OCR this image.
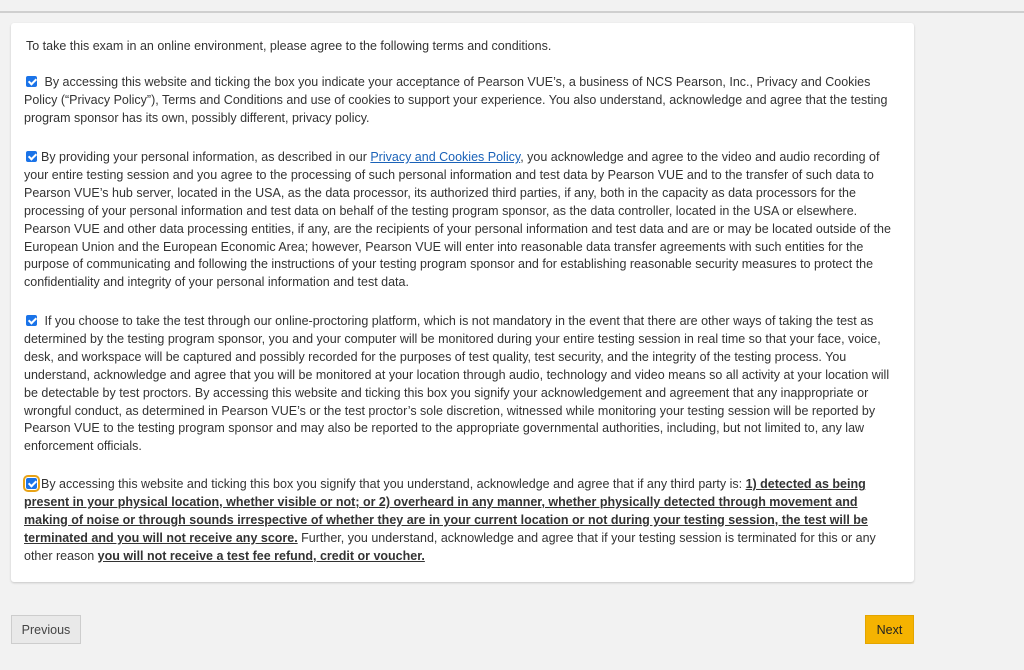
To take this exam in an online environment, please agree to the following terms and conditions.
By accessing this website and ticking the box you indicate your acceptance of Pearson VUE’s, a business of NCS Pearson, Inc., Privacy and Cookies Policy (“Privacy Policy”), Terms and Conditions and use of cookies to support your experience. You also understand, acknowledge and agree that the testing program sponsor has its own, possibly different, privacy policy.
By providing your personal information, as described in our Privacy and Cookies Policy, you acknowledge and agree to the video and audio recording of your entire testing session and you agree to the processing of such personal information and test data by Pearson VUE and to the transfer of such data to Pearson VUE’s hub server, located in the USA, as the data processor, its authorized third parties, if any, both in the capacity as data processors for the processing of your personal information and test data on behalf of the testing program sponsor, as the data controller, located in the USA or elsewhere. Pearson VUE and other data processing entities, if any, are the recipients of your personal information and test data and are or may be located outside of the European Union and the European Economic Area; however, Pearson VUE will enter into reasonable data transfer agreements with such entities for the purpose of communicating and following the instructions of your testing program sponsor and for establishing reasonable security measures to protect the confidentiality and integrity of your personal information and test data.
If you choose to take the test through our online-proctoring platform, which is not mandatory in the event that there are other ways of taking the test as determined by the testing program sponsor, you and your computer will be monitored during your entire testing session in real time so that your face, voice, desk, and workspace will be captured and possibly recorded for the purposes of test quality, test security, and the integrity of the testing process. You understand, acknowledge and agree that you will be monitored at your location through audio, technology and video means so all activity at your location will be detectable by test proctors. By accessing this website and ticking this box you signify your acknowledgement and agreement that any inappropriate or wrongful conduct, as determined in Pearson VUE’s or the test proctor’s sole discretion, witnessed while monitoring your testing session will be reported by Pearson VUE to the testing program sponsor and may also be reported to the appropriate governmental authorities, including, but not limited to, any law enforcement officials.
By accessing this website and ticking this box you signify that you understand, acknowledge and agree that if any third party is: 1) detected as being present in your physical location, whether visible or not; or 2) overheard in any manner, whether physically detected through movement and making of noise or through sounds irrespective of whether they are in your current location or not during your testing session, the test will be terminated and you will not receive any score. Further, you understand, acknowledge and agree that if your testing session is terminated for this or any other reason you will not receive a test fee refund, credit or voucher.
Previous	Next
